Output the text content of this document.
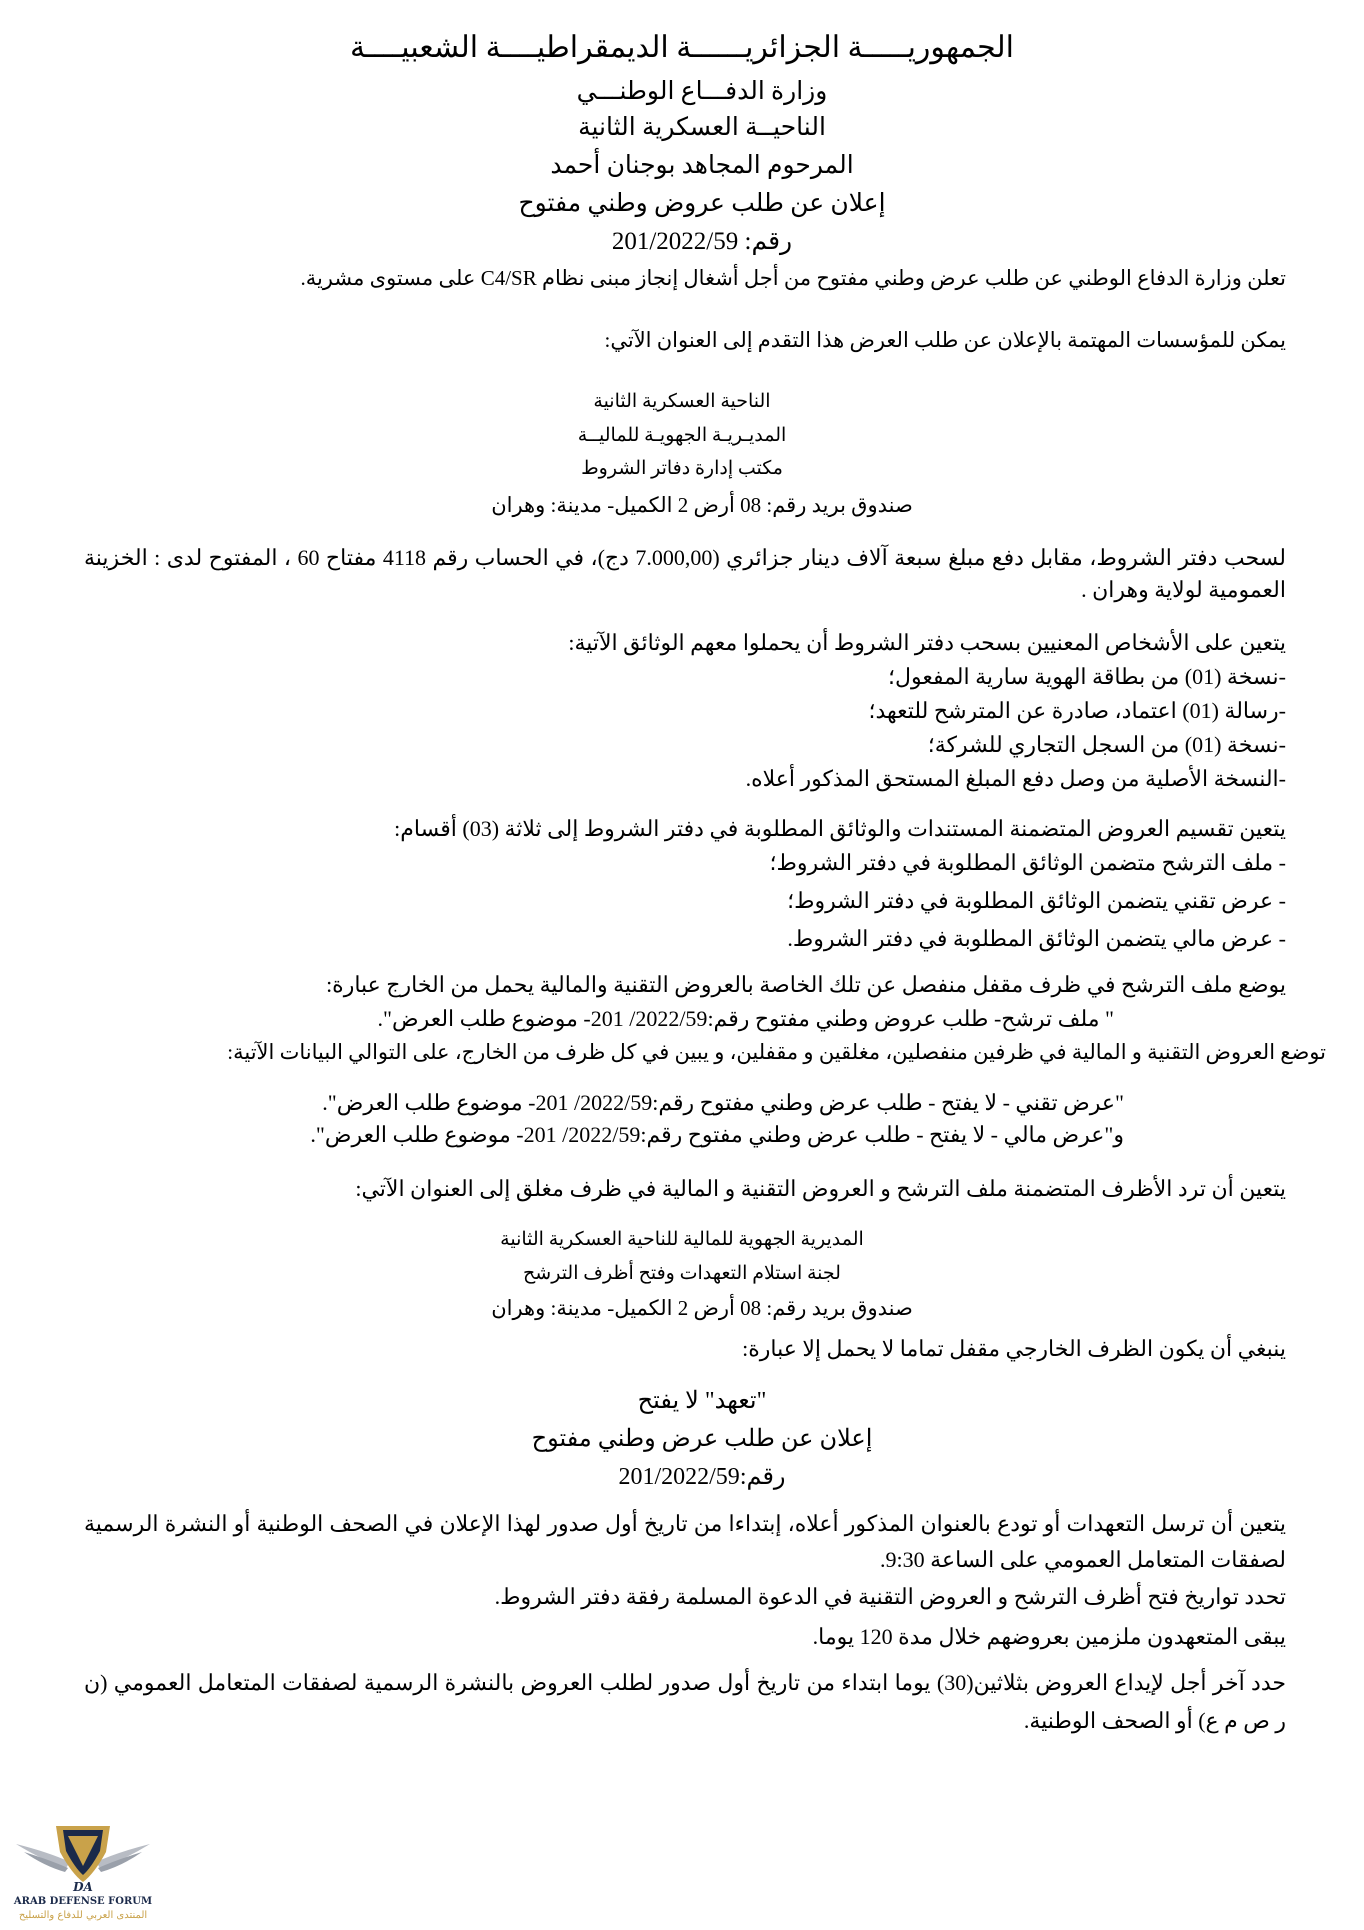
الجمهوريـــــة الجزائريــــــة الديمقراطيــــة الشعبيــــة
وزارة الدفـــاع الوطنـــي
الناحيــة العسكرية الثانية
المرحوم المجاهد بوجنان أحمد
إعلان عن طلب عروض وطني مفتوح
رقم: 201/2022/59
تعلن وزارة الدفاع الوطني عن طلب عرض وطني مفتوح من أجل أشغال إنجاز مبنى نظام C4/SR على مستوى مشرية.
يمكن للمؤسسات المهتمة بالإعلان عن طلب العرض هذا التقدم إلى العنوان الآتي:
الناحية العسكرية الثانية
المديـريـة الجهويـة للماليــة
مكتب إدارة دفاتر الشروط
صندوق بريد رقم: 08 أرض 2 الكميل- مدينة: وهران
لسحب دفتر الشروط، مقابل دفع مبلغ سبعة آلاف دينار جزائري (7.000,00 دج)، في الحساب رقم 4118 مفتاح 60 ، المفتوح لدى : الخزينة العمومية لولاية وهران .
يتعين على الأشخاص المعنيين بسحب دفتر الشروط أن يحملوا معهم الوثائق الآتية:
-نسخة (01) من بطاقة الهوية سارية المفعول؛
-رسالة (01) اعتماد، صادرة عن المترشح للتعهد؛
-نسخة (01) من السجل التجاري للشركة؛
-النسخة الأصلية من وصل دفع المبلغ المستحق المذكور أعلاه.
يتعين تقسيم العروض المتضمنة المستندات والوثائق المطلوبة في دفتر الشروط إلى ثلاثة (03) أقسام:
- ملف الترشح متضمن الوثائق المطلوبة في دفتر الشروط؛
- عرض تقني يتضمن الوثائق المطلوبة في دفتر الشروط؛
- عرض مالي يتضمن الوثائق المطلوبة في دفتر الشروط.
يوضع ملف الترشح في ظرف مقفل منفصل عن تلك الخاصة بالعروض التقنية والمالية يحمل من الخارج عبارة:
" ملف ترشح- طلب عروض وطني مفتوح رقم:2022/59/ 201- موضوع طلب العرض".
توضع العروض التقنية و المالية في ظرفين منفصلين، مغلقين و مقفلين، و يبين في كل ظرف من الخارج، على التوالي البيانات الآتية:
"عرض تقني - لا يفتح - طلب عرض وطني مفتوح رقم:2022/59/ 201- موضوع طلب العرض".
و"عرض مالي - لا يفتح - طلب عرض وطني مفتوح رقم:2022/59/ 201- موضوع طلب العرض".
يتعين أن ترد الأظرف المتضمنة ملف الترشح و العروض التقنية و المالية في ظرف مغلق إلى العنوان الآتي:
المديرية الجهوية للمالية للناحية العسكرية الثانية
لجنة استلام التعهدات وفتح أظرف الترشح
صندوق بريد رقم: 08 أرض 2 الكميل- مدينة: وهران
ينبغي أن يكون الظرف الخارجي مقفل تماما لا يحمل إلا عبارة:
"تعهد" لا يفتح
إعلان عن طلب عرض وطني مفتوح
رقم:201/2022/59
يتعين أن ترسل التعهدات أو تودع بالعنوان المذكور أعلاه، إبتداءا من تاريخ أول صدور لهذا الإعلان في الصحف الوطنية أو النشرة الرسمية لصفقات المتعامل العمومي على الساعة 9:30.
تحدد تواريخ فتح أظرف الترشح و العروض التقنية في الدعوة المسلمة رفقة دفتر الشروط.
يبقى المتعهدون ملزمين بعروضهم خلال مدة 120 يوما.
حدد آخر أجل لإيداع العروض بثلاثين(30) يوما ابتداء من تاريخ أول صدور لطلب العروض بالنشرة الرسمية لصفقات المتعامل العمومي (ن ر ص م ع) أو الصحف الوطنية.
DA
ARAB DEFENSE FORUM
المنتدى العربي للدفاع والتسليح
